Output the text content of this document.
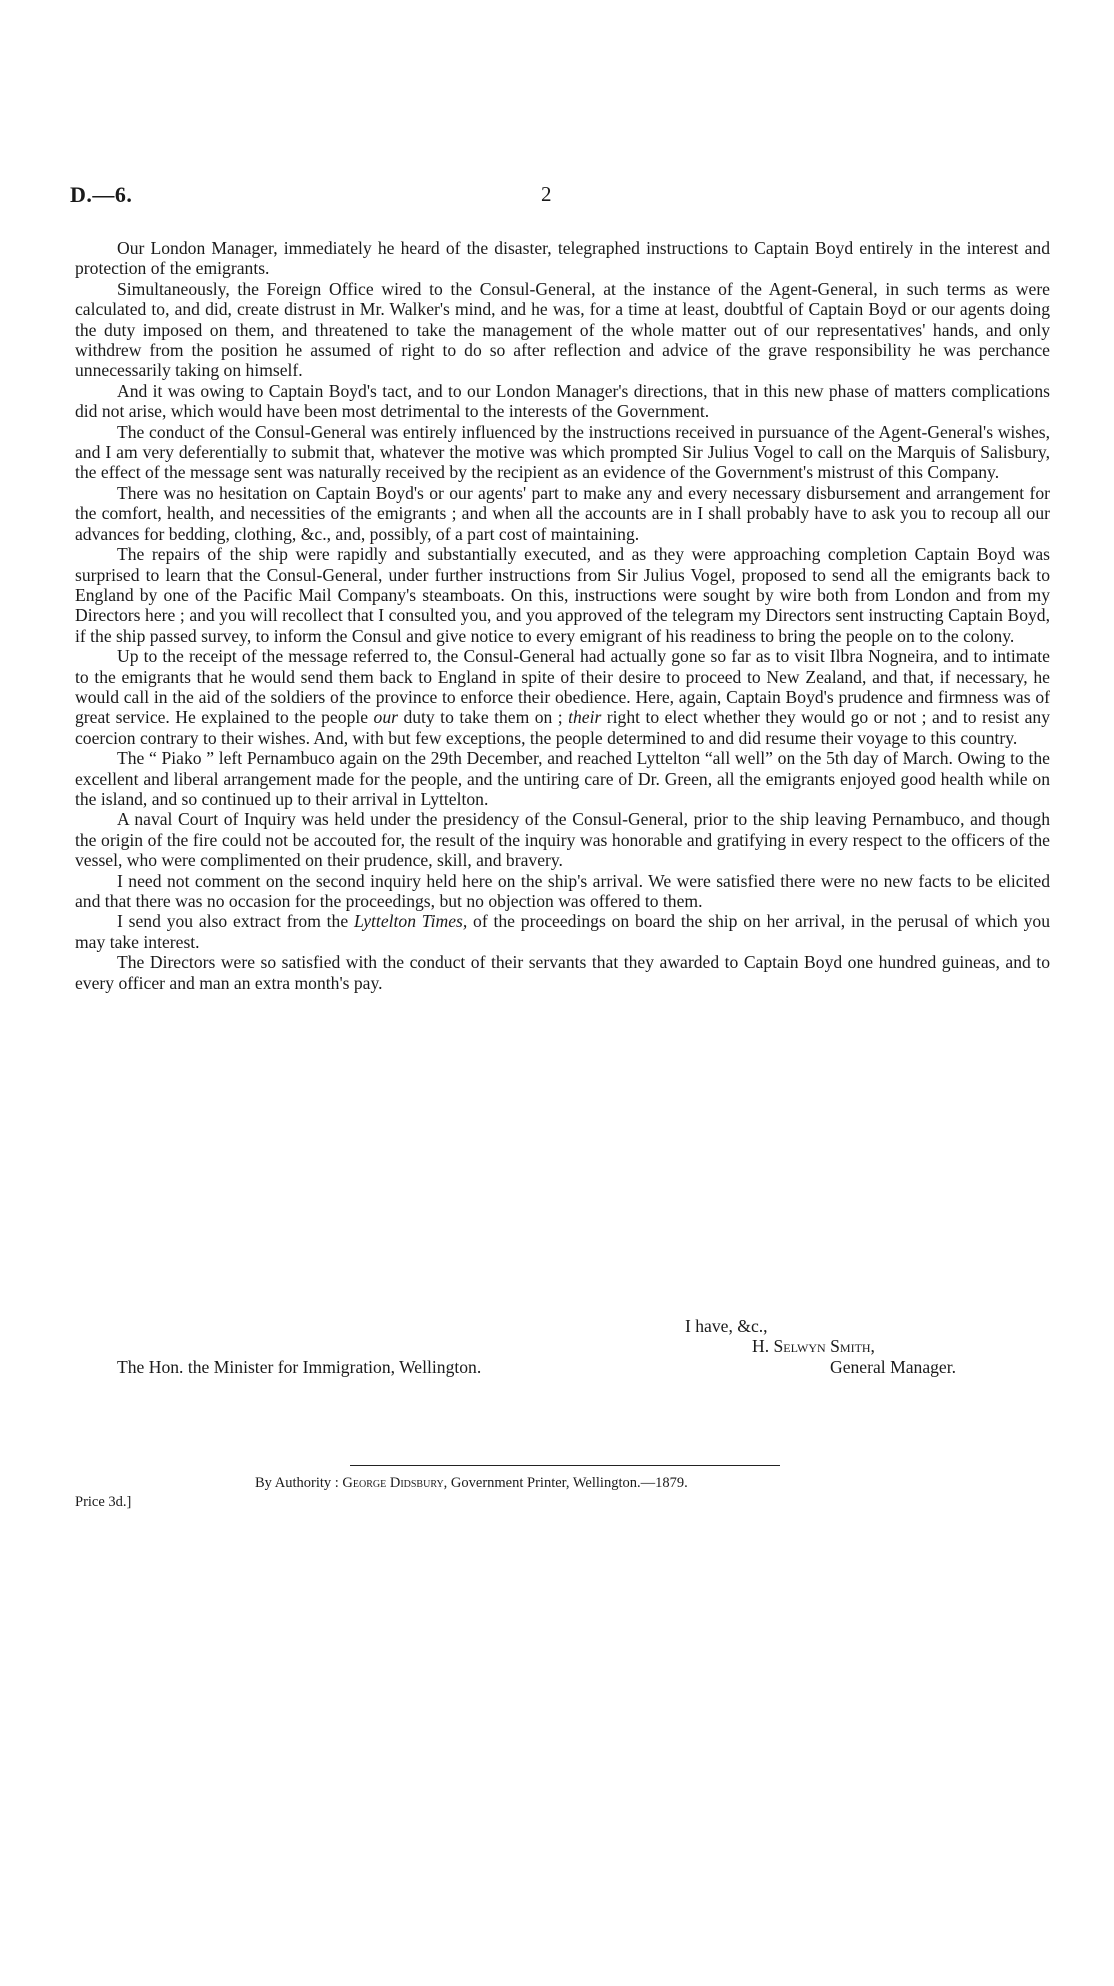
D.—6.	2

Our London Manager, immediately he heard of the disaster, telegraphed instructions to Captain Boyd entirely in the interest and protection of the emigrants.

Simultaneously, the Foreign Office wired to the Consul-General, at the instance of the Agent-General, in such terms as were calculated to, and did, create distrust in Mr. Walker's mind, and he was, for a time at least, doubtful of Captain Boyd or our agents doing the duty imposed on them, and threatened to take the management of the whole matter out of our representatives' hands, and only withdrew from the position he assumed of right to do so after reflection and advice of the grave responsibility he was perchance unnecessarily taking on himself.

And it was owing to Captain Boyd's tact, and to our London Manager's directions, that in this new phase of matters complications did not arise, which would have been most detrimental to the interests of the Government.

The conduct of the Consul-General was entirely influenced by the instructions received in pursuance of the Agent-General's wishes, and I am very deferentially to submit that, whatever the motive was which prompted Sir Julius Vogel to call on the Marquis of Salisbury, the effect of the message sent was naturally received by the recipient as an evidence of the Government's mistrust of this Company.

There was no hesitation on Captain Boyd's or our agents' part to make any and every necessary disbursement and arrangement for the comfort, health, and necessities of the emigrants ; and when all the accounts are in I shall probably have to ask you to recoup all our advances for bedding, clothing, &c., and, possibly, of a part cost of maintaining.

The repairs of the ship were rapidly and substantially executed, and as they were approaching completion Captain Boyd was surprised to learn that the Consul-General, under further instructions from Sir Julius Vogel, proposed to send all the emigrants back to England by one of the Pacific Mail Company's steamboats. On this, instructions were sought by wire both from London and from my Directors here ; and you will recollect that I consulted you, and you approved of the telegram my Directors sent instructing Captain Boyd, if the ship passed survey, to inform the Consul and give notice to every emigrant of his readiness to bring the people on to the colony.

Up to the receipt of the message referred to, the Consul-General had actually gone so far as to visit Ilbra Nogneira, and to intimate to the emigrants that he would send them back to England in spite of their desire to proceed to New Zealand, and that, if necessary, he would call in the aid of the soldiers of the province to enforce their obedience. Here, again, Captain Boyd's prudence and firmness was of great service. He explained to the people our duty to take them on ; their right to elect whether they would go or not ; and to resist any coercion contrary to their wishes. And, with but few exceptions, the people determined to and did resume their voyage to this country.

The “ Piako ” left Pernambuco again on the 29th December, and reached Lyttelton “all well” on the 5th day of March. Owing to the excellent and liberal arrangement made for the people, and the untiring care of Dr. Green, all the emigrants enjoyed good health while on the island, and so continued up to their arrival in Lyttelton.

A naval Court of Inquiry was held under the presidency of the Consul-General, prior to the ship leaving Pernambuco, and though the origin of the fire could not be accouted for, the result of the inquiry was honorable and gratifying in every respect to the officers of the vessel, who were complimented on their prudence, skill, and bravery.

I need not comment on the second inquiry held here on the ship's arrival. We were satisfied there were no new facts to be elicited and that there was no occasion for the proceedings, but no objection was offered to them.

I send you also extract from the Lyttelton Times, of the proceedings on board the ship on her arrival, in the perusal of which you may take interest.

The Directors were so satisfied with the conduct of their servants that they awarded to Captain Boyd one hundred guineas, and to every officer and man an extra month's pay.

I have, &c.,
H. Selwyn Smith,
The Hon. the Minister for Immigration, Wellington.	General Manager.
By Authority : George Didsbury, Government Printer, Wellington.—1879.
Price 3d.]
